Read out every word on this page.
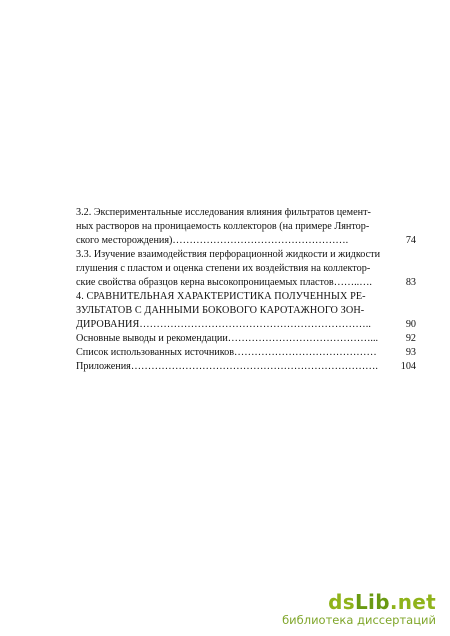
3.2. Экспериментальные исследования влияния фильтратов цемент-
ных растворов на проницаемость коллекторов (на примере Лянтор-
ского месторождения)…………………………………………….	74
3.3. Изучение взаимодействия перфорационной жидкости и жидкости
глушения с пластом и оценка степени их воздействия на коллектор-
ские свойства образцов керна высокопроницаемых пластов……..….	83
4. СРАВНИТЕЛЬНАЯ ХАРАКТЕРИСТИКА ПОЛУЧЕННЫХ РЕ-
ЗУЛЬТАТОВ С ДАННЫМИ БОКОВОГО КАРОТАЖНОГО ЗОН-
ДИРОВАНИЯ…………………………………………………………..	90
Основные выводы и рекомендации……………………………………...	92
Список использованных источников……………………………………	93
Приложения……………………………………………………………….	104
dsLib.net
библиотека диссертаций
